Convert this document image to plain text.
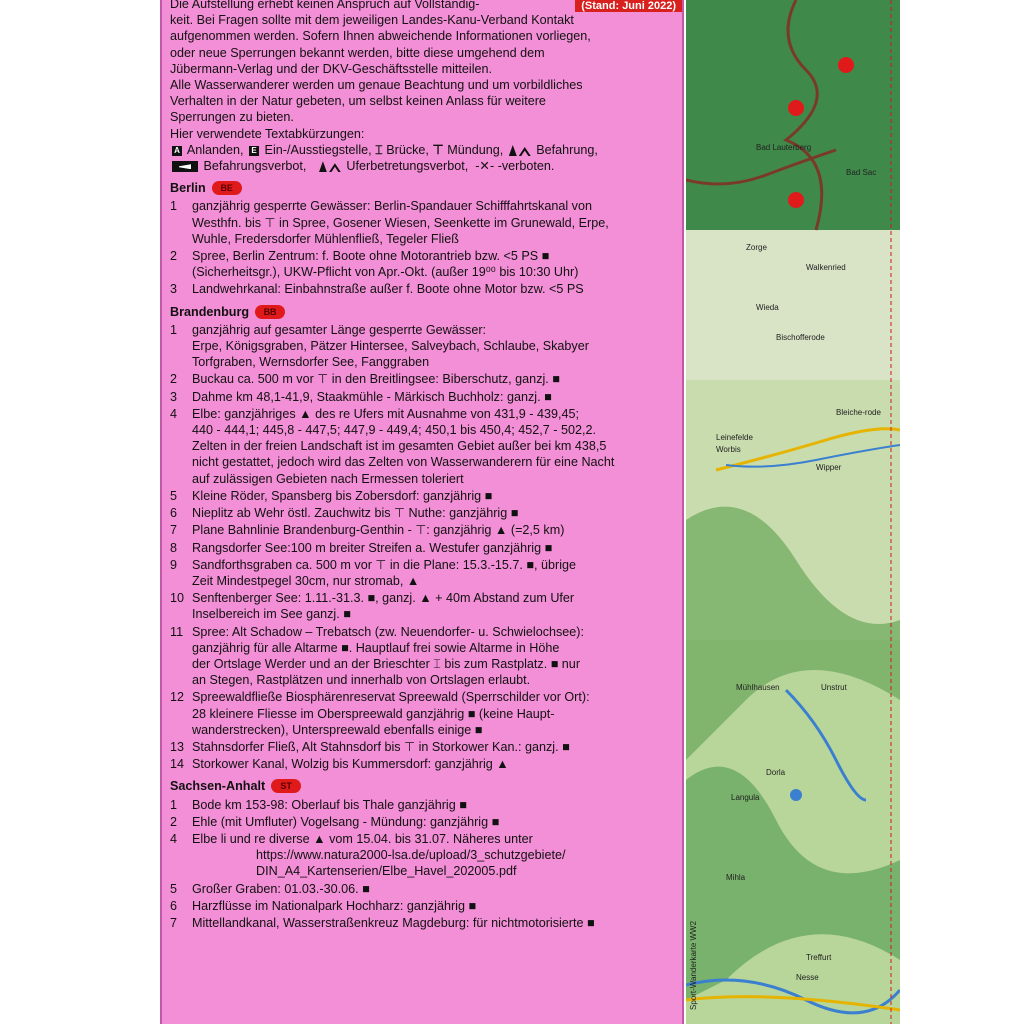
(Stand: Juni 2022)

Die Aufstellung erhebt keinen Anspruch auf Vollständig-

keit. Bei Fragen sollte mit dem jeweiligen Landes-Kanu-Verband Kontakt

aufgenommen werden. Sofern Ihnen abweichende Informationen vorliegen,

oder neue Sperrungen bekannt werden, bitte diese umgehend dem

Jübermann-Verlag und der DKV-Geschäftsstelle mitteilen.

Alle Wasserwanderer werden um genaue Beachtung und um vorbildliches

Verhalten in der Natur gebeten, um selbst keinen Anlass für weitere

Sperrungen zu bieten.

Hier verwendete Textabkürzungen:
A Anlanden, E Ein-/Ausstiegstelle, ⌶ Brücke, ⊤ Mündung,	Befahrung,
Befahrungsverbot,	Uferbetretungsverbot, -✕- -verboten.
Berlin	BE
1	ganzjährig gesperrte Gewässer: Berlin-Spandauer Schifffahrtskanal von
Westhfn. bis ⊤ in Spree, Gosener Wiesen, Seenkette im Grunewald, Erpe,
Wuhle, Fredersdorfer Mühlenfließ, Tegeler Fließ
2	Spree, Berlin Zentrum: f. Boote ohne Motorantrieb bzw. <5 PS ■
(Sicherheitsgr.), UKW-Pflicht von Apr.-Okt. (außer 19⁰⁰ bis 10:30 Uhr)
3	Landwehrkanal: Einbahnstraße außer f. Boote ohne Motor bzw. <5 PS
Brandenburg	BB
1	ganzjährig auf gesamter Länge gesperrte Gewässer:
Erpe, Königsgraben, Pätzer Hintersee, Salveybach, Schlaube, Skabyer
Torfgraben, Wernsdorfer See, Fanggraben
2	Buckau ca. 500 m vor ⊤ in den Breitlingsee: Biberschutz, ganzj. ■
3	Dahme km 48,1-41,9, Staakmühle - Märkisch Buchholz: ganzj. ■
4	Elbe: ganzjähriges ▲ des re Ufers mit Ausnahme von 431,9 - 439,45;
440 - 444,1; 445,8 - 447,5; 447,9 - 449,4; 450,1 bis 450,4; 452,7 - 502,2.
Zelten in der freien Landschaft ist im gesamten Gebiet außer bei km 438,5
nicht gestattet, jedoch wird das Zelten von Wasserwanderern für eine Nacht
auf zulässigen Gebieten nach Ermessen toleriert
5	Kleine Röder, Spansberg bis Zobersdorf: ganzjährig ■
6	Nieplitz ab Wehr östl. Zauchwitz bis ⊤ Nuthe: ganzjährig ■
7	Plane Bahnlinie Brandenburg-Genthin - ⊤: ganzjährig ▲ (=2,5 km)
8	Rangsdorfer See:100 m breiter Streifen a. Westufer ganzjährig ■
9	Sandforthsgraben ca. 500 m vor ⊤ in die Plane: 15.3.-15.7. ■, übrige
Zeit Mindestpegel 30cm, nur stromab, ▲
10 Senftenberger See: 1.11.-31.3. ■, ganzj. ▲ + 40m Abstand zum Ufer
Inselbereich im See ganzj. ■
11 Spree: Alt Schadow – Trebatsch (zw. Neuendorfer- u. Schwielochsee):
ganzjährig für alle Altarme ■. Hauptlauf frei sowie Altarme in Höhe
der Ortslage Werder und an der Brieschter ⌶ bis zum Rastplatz. ■ nur
an Stegen, Rastplätzen und innerhalb von Ortslagen erlaubt.
12 Spreewaldfließe Biosphärenreservat Spreewald (Sperrschilder vor Ort):
28 kleinere Fliesse im Oberspreewald ganzjährig ■ (keine Haupt-
wanderstrecken), Unterspreewald ebenfalls einige ■
13 Stahnsdorfer Fließ, Alt Stahnsdorf bis ⊤ in Storkower Kan.: ganzj. ■
14 Storkower Kanal, Wolzig bis Kummersdorf: ganzjährig ▲
Sachsen-Anhalt	ST
1	Bode km 153-98: Oberlauf bis Thale ganzjährig ■
2	Ehle (mit Umfluter) Vogelsang - Mündung: ganzjährig ■
4	Elbe li und re diverse ▲ vom 15.04. bis 31.07. Näheres unter
https://www.natura2000-lsa.de/upload/3_schutzgebiete/
DIN_A4_Kartenserien/Elbe_Havel_202005.pdf
5	Großer Graben: 01.03.-30.06. ■
6	Harzflüsse im Nationalpark Hochharz: ganzjährig ■
7	Mittellandkanal, Wasserstraßenkreuz Magdeburg: für nichtmotorisierte ■
Bad Lauterberg
Bad Sac
Zorge
Walkenried
Wieda
Bleiche-rode
Leinefelde
Worbis
Wipper
Mühlhausen	Unstrut
Langula
Dorla
Mihla
Bischofferode
Nesse
Treffurt
Sport-Wanderkarte WW2
